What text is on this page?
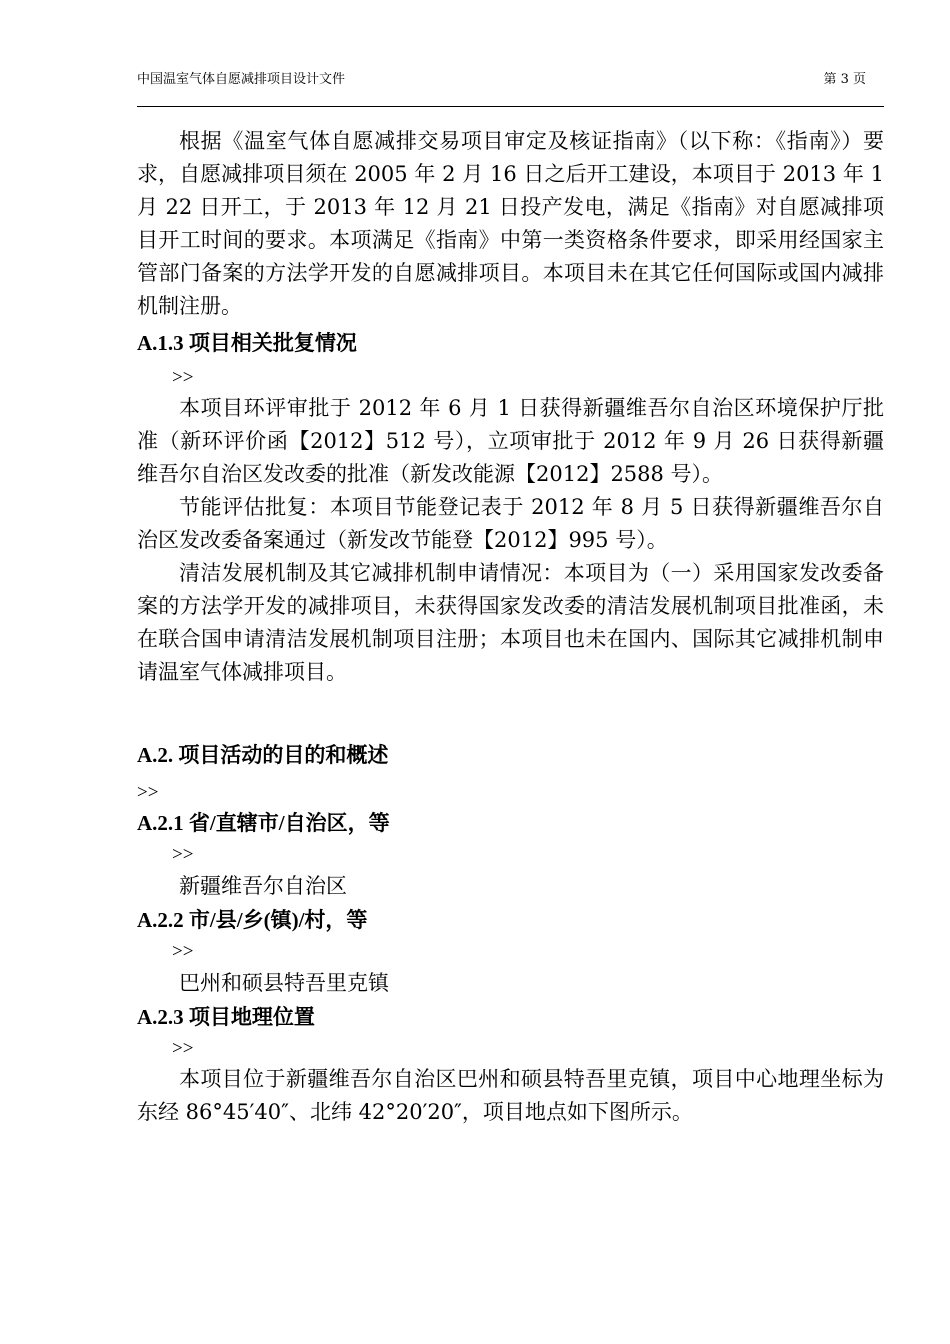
中国温室气体自愿减排项目设计文件	第 3 页

根据《温室气体自愿减排交易项目审定及核证指南》（以下称：《指南》）要求，自愿减排项目须在 2005 年 2 月 16 日之后开工建设，本项目于 2013 年 1 月 22 日开工，于 2013 年 12 月 21 日投产发电，满足《指南》对自愿减排项目开工时间的要求。本项满足《指南》中第一类资格条件要求，即采用经国家主管部门备案的方法学开发的自愿减排项目。本项目未在其它任何国际或国内减排机制注册。

A.1.3 项目相关批复情况

>>

本项目环评审批于 2012 年 6 月 1 日获得新疆维吾尔自治区环境保护厅批准（新环评价函【2012】512 号），立项审批于 2012 年 9 月 26 日获得新疆维吾尔自治区发改委的批准（新发改能源【2012】2588 号）。

节能评估批复：本项目节能登记表于 2012 年 8 月 5 日获得新疆维吾尔自治区发改委备案通过（新发改节能登【2012】995 号）。

清洁发展机制及其它减排机制申请情况：本项目为（一）采用国家发改委备案的方法学开发的减排项目，未获得国家发改委的清洁发展机制项目批准函，未在联合国申请清洁发展机制项目注册；本项目也未在国内、国际其它减排机制申请温室气体减排项目。

A.2. 项目活动的目的和概述

>>

A.2.1 省/直辖市/自治区，等

>>

新疆维吾尔自治区

A.2.2 市/县/乡(镇)/村，等

>>

巴州和硕县特吾里克镇

A.2.3 项目地理位置

>>

本项目位于新疆维吾尔自治区巴州和硕县特吾里克镇，项目中心地理坐标为东经 86°45′40″、北纬 42°20′20″，项目地点如下图所示。
